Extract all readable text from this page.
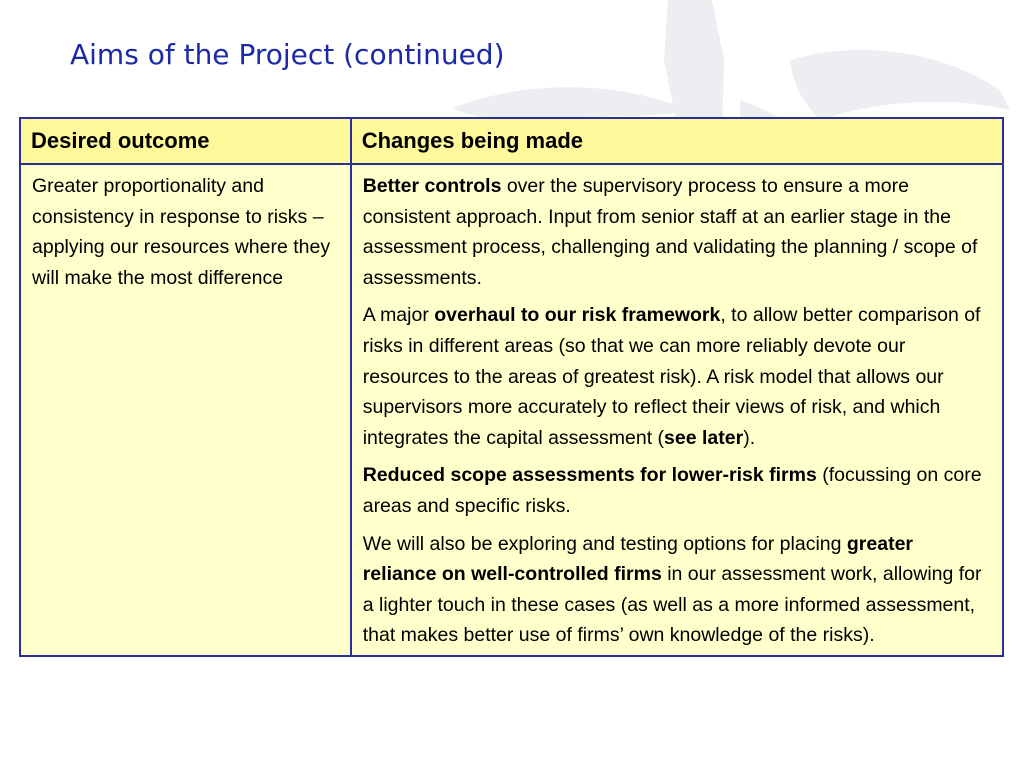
Aims of the Project (continued)
Desired outcome	Changes being made
Greater proportionality and consistency in response to risks – applying our resources where they will make the most difference	Better controls over the supervisory process to ensure a more consistent approach. Input from senior staff at an earlier stage in the assessment process, challenging and validating the planning / scope of assessments.
A major overhaul to our risk framework, to allow better comparison of risks in different areas (so that we can more reliably devote our resources to the areas of greatest risk). A risk model that allows our supervisors more accurately to reflect their views of risk, and which integrates the capital assessment (see later).
Reduced scope assessments for lower-risk firms (focussing on core areas and specific risks.
We will also be exploring and testing options for placing greater reliance on well-controlled firms in our assessment work, allowing for a lighter touch in these cases (as well as a more informed assessment, that makes better use of firms’ own knowledge of the risks).
